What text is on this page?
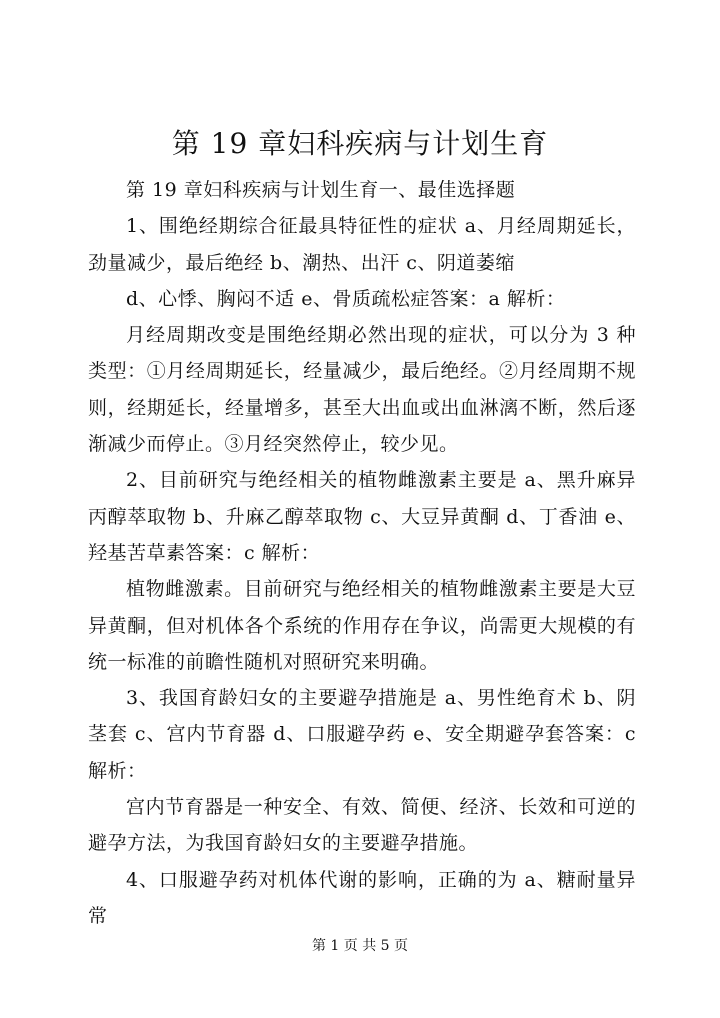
第 19 章妇科疾病与计划生育

第 19 章妇科疾病与计划生育一、最佳选择题

1、围绝经期综合征最具特征性的症状 a、月经周期延长，劲量减少，最后绝经 b、潮热、出汗 c、阴道萎缩

d、心悸、胸闷不适 e、骨质疏松症答案：a 解析：

月经周期改变是围绝经期必然出现的症状，可以分为 3 种类型：①月经周期延长，经量减少，最后绝经。②月经周期不规则，经期延长，经量增多，甚至大出血或出血淋漓不断，然后逐渐减少而停止。③月经突然停止，较少见。

2、目前研究与绝经相关的植物雌激素主要是 a、黑升麻异丙醇萃取物 b、升麻乙醇萃取物 c、大豆异黄酮 d、丁香油 e、羟基苦草素答案：c 解析：

植物雌激素。目前研究与绝经相关的植物雌激素主要是大豆异黄酮，但对机体各个系统的作用存在争议，尚需更大规模的有统一标准的前瞻性随机对照研究来明确。

3、我国育龄妇女的主要避孕措施是 a、男性绝育术 b、阴茎套 c、宫内节育器 d、口服避孕药 e、安全期避孕套答案：c 解析：

宫内节育器是一种安全、有效、简便、经济、长效和可逆的避孕方法，为我国育龄妇女的主要避孕措施。

4、口服避孕药对机体代谢的影响，正确的为 a、糖耐量异常

第 1 页 共 5 页
